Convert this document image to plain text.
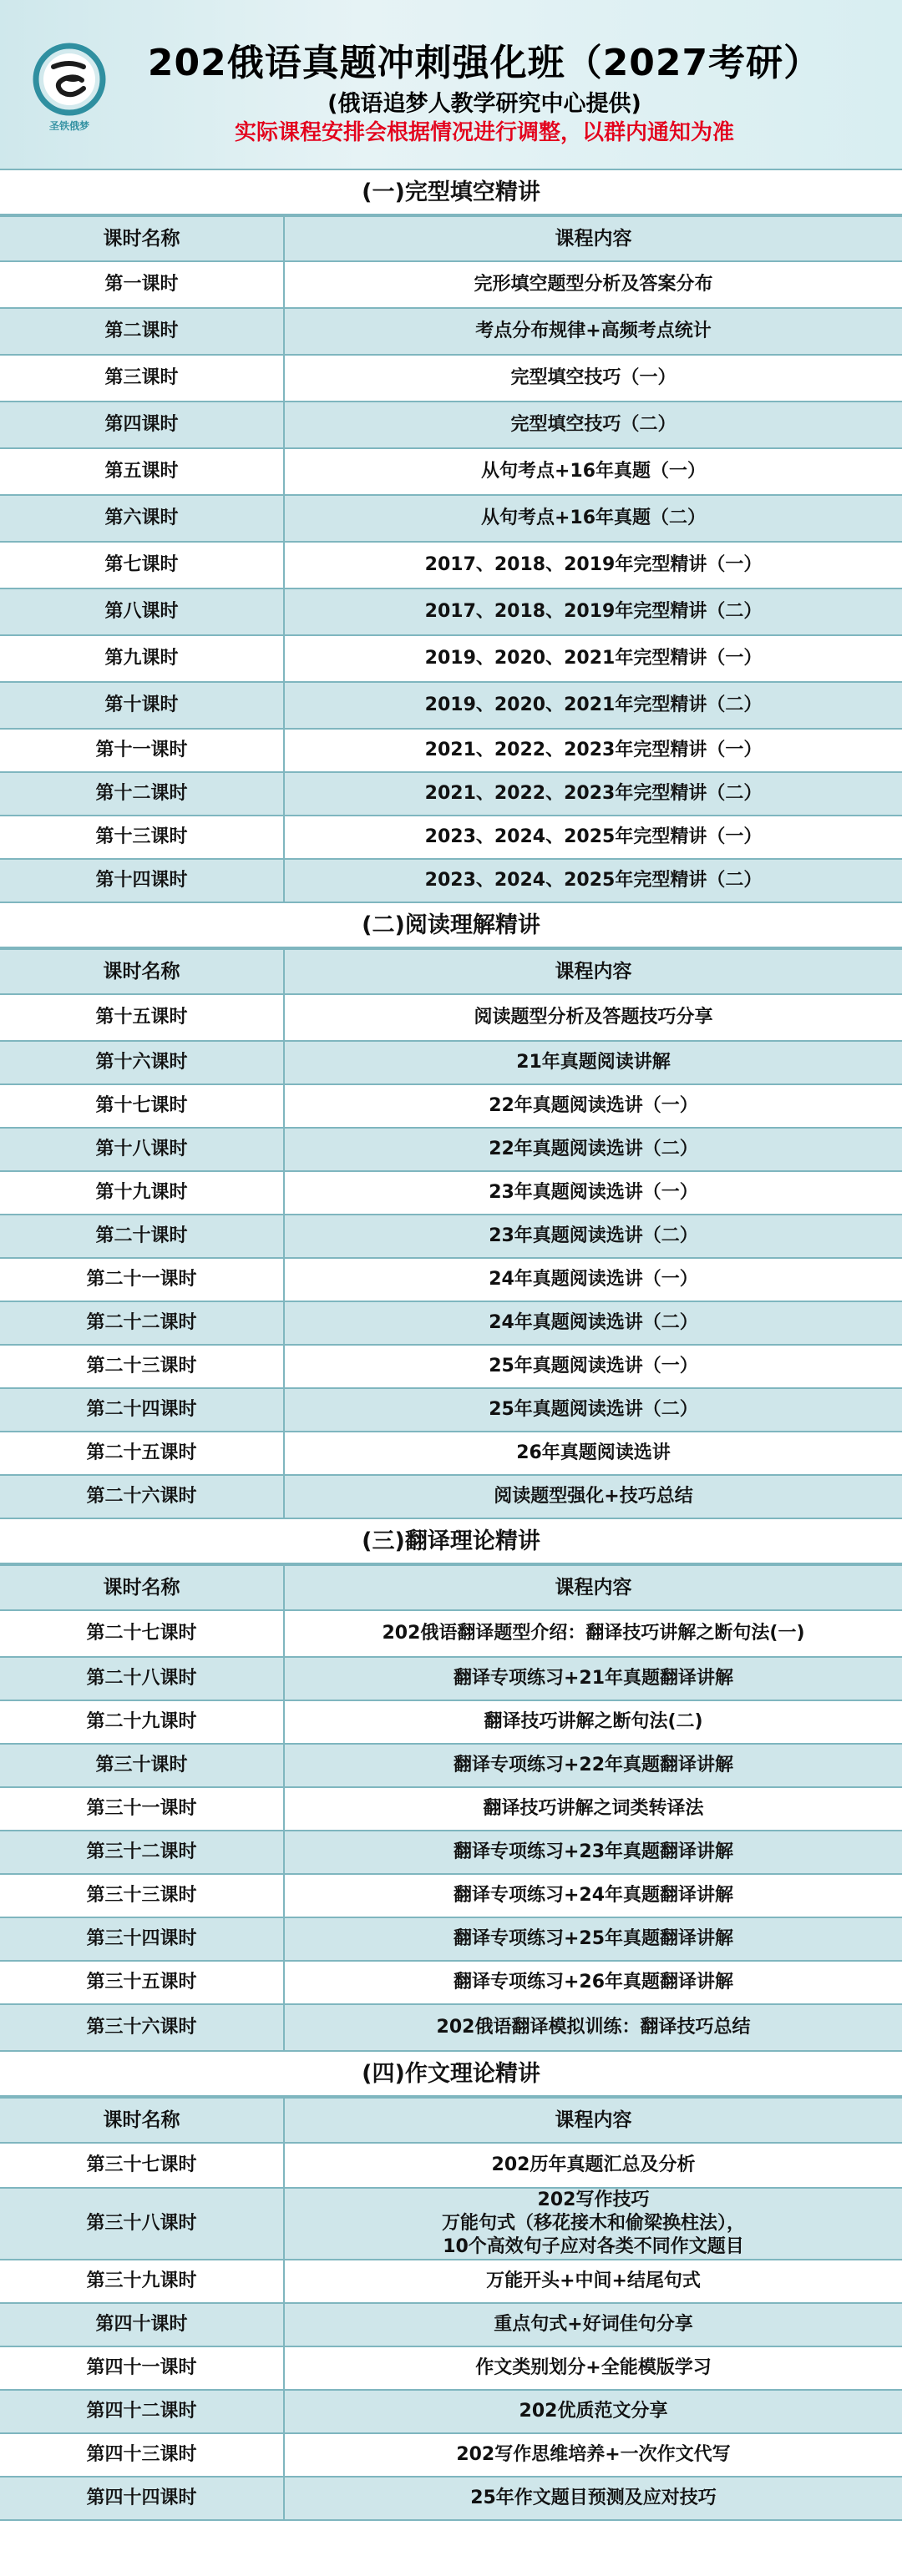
圣铁俄梦
202俄语真题冲刺强化班（2027考研）
(俄语追梦人教学研究中心提供)
实际课程安排会根据情况进行调整，以群内通知为准
(一)完型填空精讲
课时名称	课程内容
第一课时	完形填空题型分析及答案分布
第二课时	考点分布规律+高频考点统计
第三课时	完型填空技巧（一）
第四课时	完型填空技巧（二）
第五课时	从句考点+16年真题（一）
第六课时	从句考点+16年真题（二）
第七课时	2017、2018、2019年完型精讲（一）
第八课时	2017、2018、2019年完型精讲（二）
第九课时	2019、2020、2021年完型精讲（一）
第十课时	2019、2020、2021年完型精讲（二）
第十一课时	2021、2022、2023年完型精讲（一）
第十二课时	2021、2022、2023年完型精讲（二）
第十三课时	2023、2024、2025年完型精讲（一）
第十四课时	2023、2024、2025年完型精讲（二）
(二)阅读理解精讲
课时名称	课程内容
第十五课时	阅读题型分析及答题技巧分享
第十六课时	21年真题阅读讲解
第十七课时	22年真题阅读选讲（一）
第十八课时	22年真题阅读选讲（二）
第十九课时	23年真题阅读选讲（一）
第二十课时	23年真题阅读选讲（二）
第二十一课时	24年真题阅读选讲（一）
第二十二课时	24年真题阅读选讲（二）
第二十三课时	25年真题阅读选讲（一）
第二十四课时	25年真题阅读选讲（二）
第二十五课时	26年真题阅读选讲
第二十六课时	阅读题型强化+技巧总结
(三)翻译理论精讲
课时名称	课程内容
第二十七课时	202俄语翻译题型介绍：翻译技巧讲解之断句法(一)
第二十八课时	翻译专项练习+21年真题翻译讲解
第二十九课时	翻译技巧讲解之断句法(二)
第三十课时	翻译专项练习+22年真题翻译讲解
第三十一课时	翻译技巧讲解之词类转译法
第三十二课时	翻译专项练习+23年真题翻译讲解
第三十三课时	翻译专项练习+24年真题翻译讲解
第三十四课时	翻译专项练习+25年真题翻译讲解
第三十五课时	翻译专项练习+26年真题翻译讲解
第三十六课时	202俄语翻译模拟训练：翻译技巧总结
(四)作文理论精讲
课时名称	课程内容
第三十七课时	202历年真题汇总及分析
第三十八课时	202写作技巧
万能句式（移花接木和偷梁换柱法），
10个高效句子应对各类不同作文题目
第三十九课时	万能开头+中间+结尾句式
第四十课时	重点句式+好词佳句分享
第四十一课时	作文类别划分+全能模版学习
第四十二课时	202优质范文分享
第四十三课时	202写作思维培养+一次作文代写
第四十四课时	25年作文题目预测及应对技巧
